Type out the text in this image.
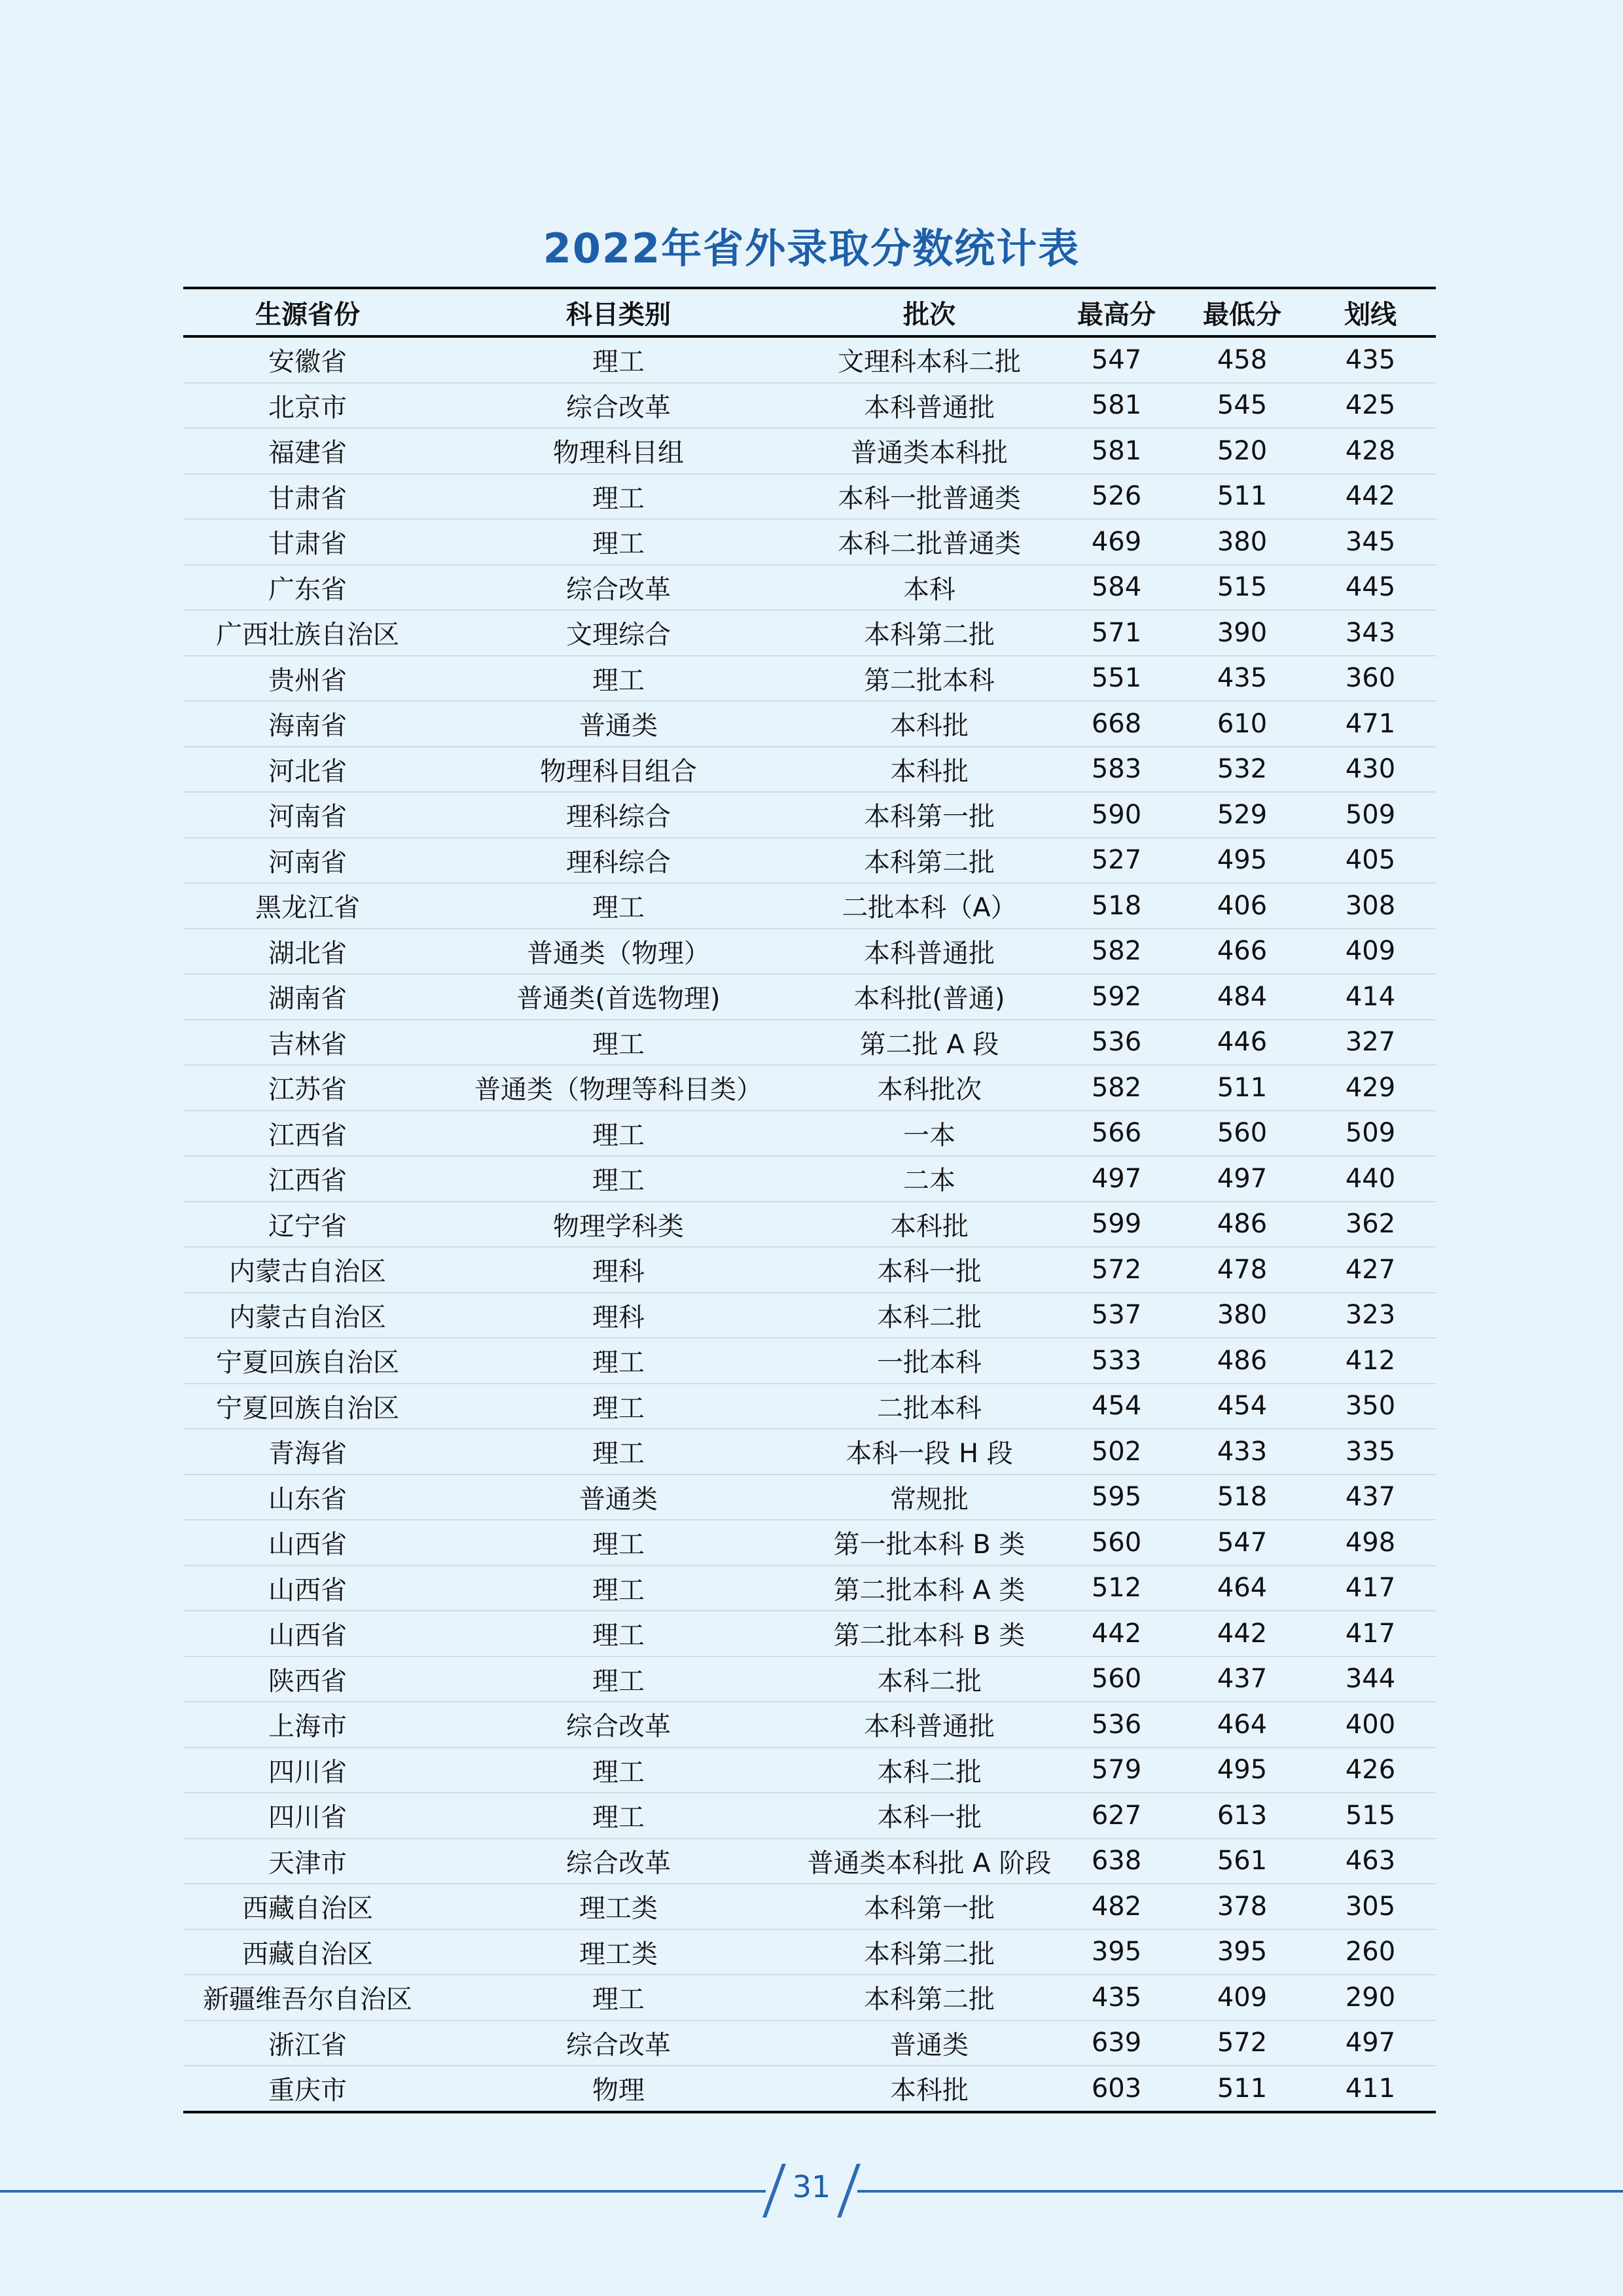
2022年省外录取分数统计表
生源省份	科目类别	批次	最高分	最低分	划线
安徽省	理工	文理科本科二批	547	458	435
北京市	综合改革	本科普通批	581	545	425
福建省	物理科目组	普通类本科批	581	520	428
甘肃省	理工	本科一批普通类	526	511	442
甘肃省	理工	本科二批普通类	469	380	345
广东省	综合改革	本科	584	515	445
广西壮族自治区	文理综合	本科第二批	571	390	343
贵州省	理工	第二批本科	551	435	360
海南省	普通类	本科批	668	610	471
河北省	物理科目组合	本科批	583	532	430
河南省	理科综合	本科第一批	590	529	509
河南省	理科综合	本科第二批	527	495	405
黑龙江省	理工	二批本科（A）	518	406	308
湖北省	普通类（物理）	本科普通批	582	466	409
湖南省	普通类(首选物理)	本科批(普通)	592	484	414
吉林省	理工	第二批 A 段	536	446	327
江苏省	普通类（物理等科目类）	本科批次	582	511	429
江西省	理工	一本	566	560	509
江西省	理工	二本	497	497	440
辽宁省	物理学科类	本科批	599	486	362
内蒙古自治区	理科	本科一批	572	478	427
内蒙古自治区	理科	本科二批	537	380	323
宁夏回族自治区	理工	一批本科	533	486	412
宁夏回族自治区	理工	二批本科	454	454	350
青海省	理工	本科一段 H 段	502	433	335
山东省	普通类	常规批	595	518	437
山西省	理工	第一批本科 B 类	560	547	498
山西省	理工	第二批本科 A 类	512	464	417
山西省	理工	第二批本科 B 类	442	442	417
陕西省	理工	本科二批	560	437	344
上海市	综合改革	本科普通批	536	464	400
四川省	理工	本科二批	579	495	426
四川省	理工	本科一批	627	613	515
天津市	综合改革	普通类本科批 A 阶段	638	561	463
西藏自治区	理工类	本科第一批	482	378	305
西藏自治区	理工类	本科第二批	395	395	260
新疆维吾尔自治区	理工	本科第二批	435	409	290
浙江省	综合改革	普通类	639	572	497
重庆市	物理	本科批	603	511	411
31
